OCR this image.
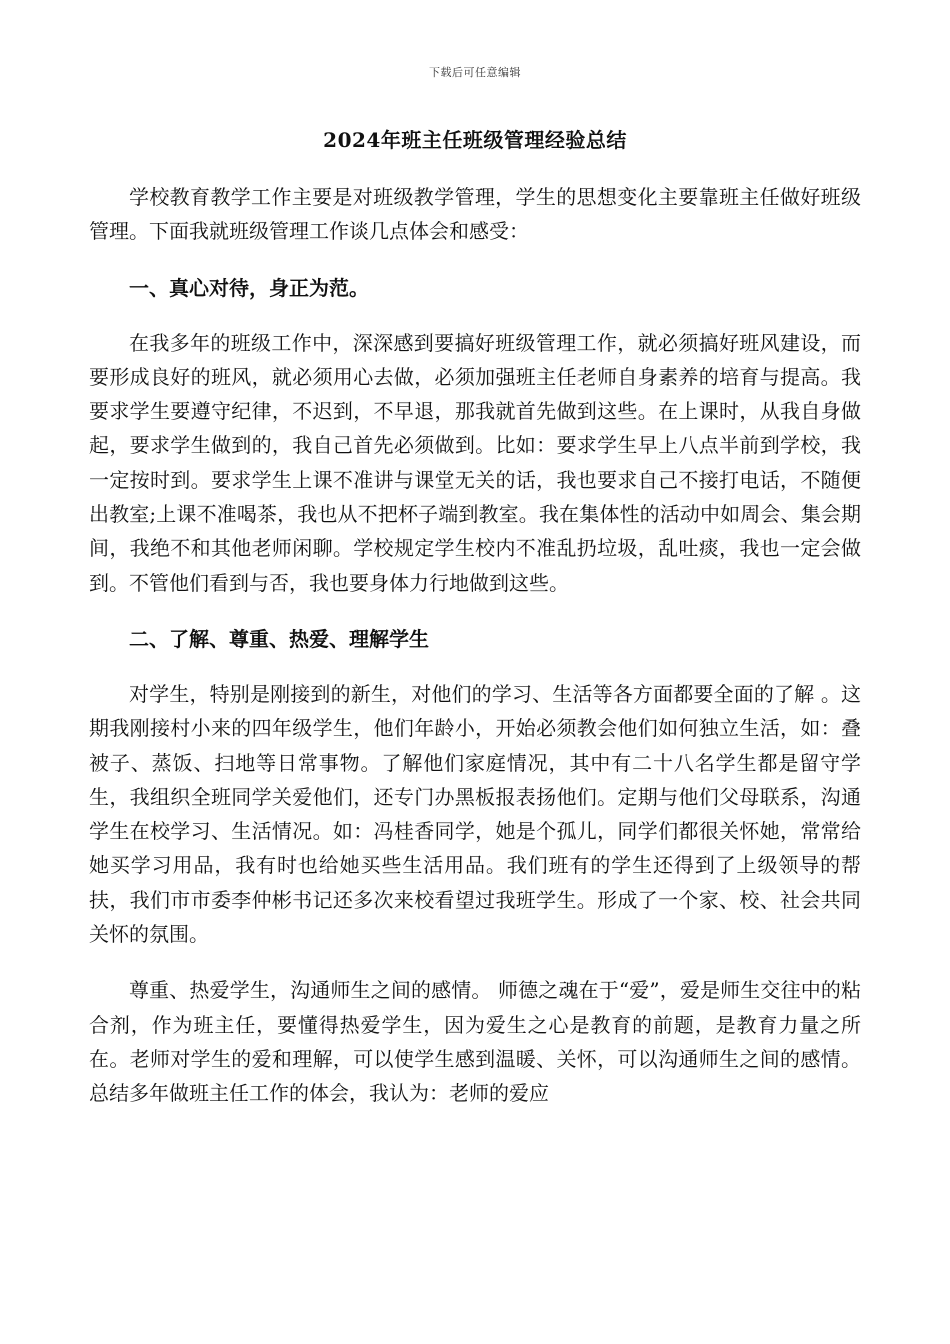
下载后可任意编辑
2024年班主任班级管理经验总结

学校教育教学工作主要是对班级教学管理，学生的思想变化主要靠班主任做好班级管理。下面我就班级管理工作谈几点体会和感受：

一、真心对待，身正为范。

在我多年的班级工作中，深深感到要搞好班级管理工作，就必须搞好班风建设，而要形成良好的班风，就必须用心去做，必须加强班主任老师自身素养的培育与提高。我要求学生要遵守纪律，不迟到，不早退，那我就首先做到这些。在上课时，从我自身做起，要求学生做到的，我自己首先必须做到。比如：要求学生早上八点半前到学校，我一定按时到。要求学生上课不准讲与课堂无关的话，我也要求自己不接打电话，不随便出教室;上课不准喝茶，我也从不把杯子端到教室。我在集体性的活动中如周会、集会期间，我绝不和其他老师闲聊。学校规定学生校内不准乱扔垃圾，乱吐痰，我也一定会做到。不管他们看到与否，我也要身体力行地做到这些。

二、了解、尊重、热爱、理解学生

对学生，特别是刚接到的新生，对他们的学习、生活等各方面都要全面的了解 。这期我刚接村小来的四年级学生，他们年龄小，开始必须教会他们如何独立生活，如：叠被子、蒸饭、扫地等日常事物。了解他们家庭情况，其中有二十八名学生都是留守学生，我组织全班同学关爱他们，还专门办黑板报表扬他们。定期与他们父母联系，沟通学生在校学习、生活情况。如：冯桂香同学，她是个孤儿，同学们都很关怀她，常常给她买学习用品，我有时也给她买些生活用品。我们班有的学生还得到了上级领导的帮扶，我们市市委李仲彬书记还多次来校看望过我班学生。形成了一个家、校、社会共同关怀的氛围。

尊重、热爱学生，沟通师生之间的感情。 师德之魂在于“爱”，爱是师生交往中的粘合剂，作为班主任，要懂得热爱学生，因为爱生之心是教育的前题，是教育力量之所在。老师对学生的爱和理解，可以使学生感到温暖、关怀，可以沟通师生之间的感情。总结多年做班主任工作的体会，我认为：老师的爱应
